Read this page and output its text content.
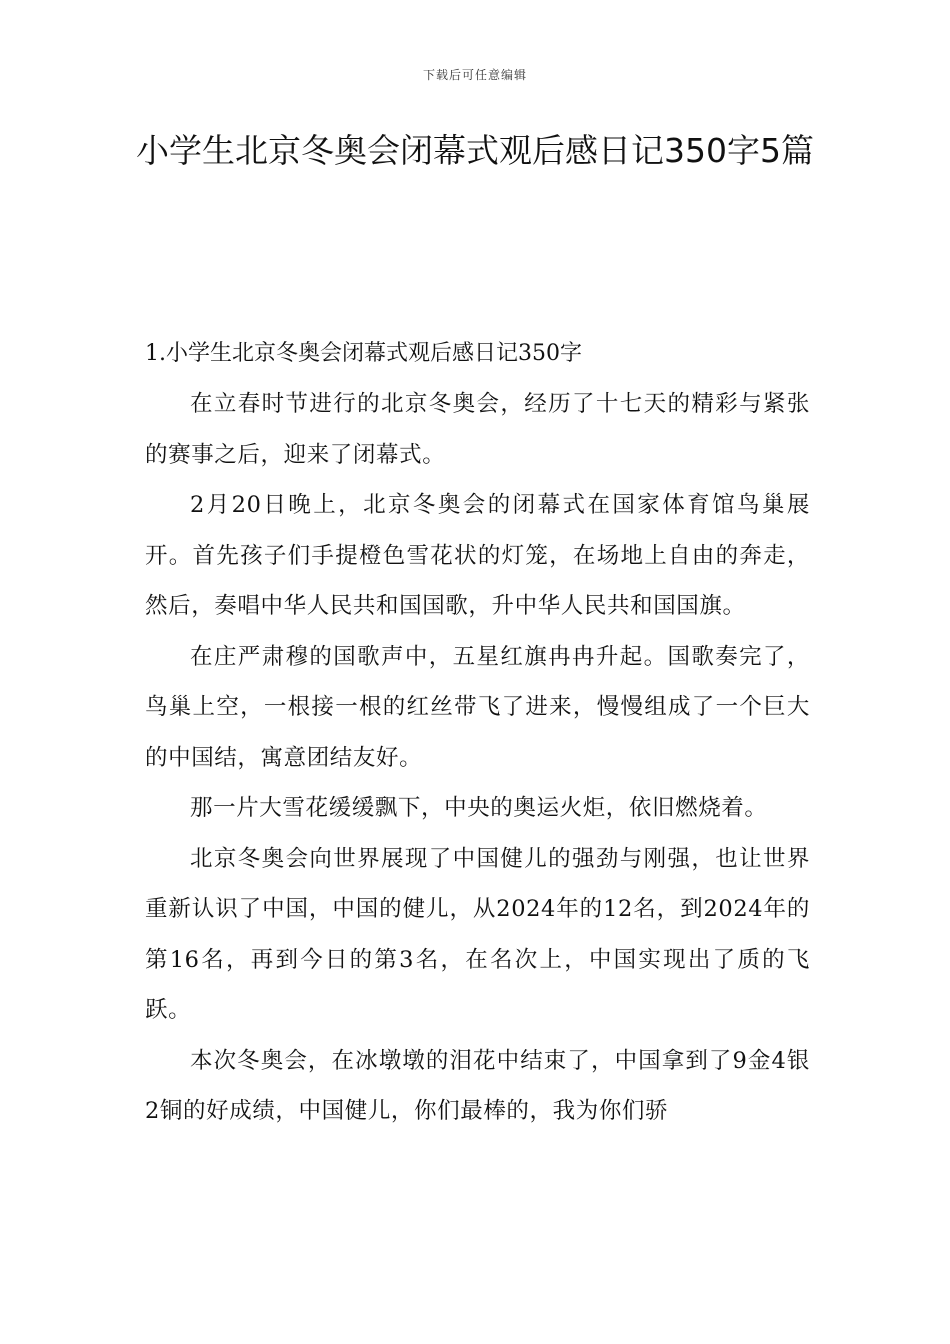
下载后可任意编辑
小学生北京冬奥会闭幕式观后感日记350字5篇

1.小学生北京冬奥会闭幕式观后感日记350字

在立春时节进行的北京冬奥会，经历了十七天的精彩与紧张的赛事之后，迎来了闭幕式。

2月20日晚上，北京冬奥会的闭幕式在国家体育馆鸟巢展开。首先孩子们手提橙色雪花状的灯笼，在场地上自由的奔走，然后，奏唱中华人民共和国国歌，升中华人民共和国国旗。

在庄严肃穆的国歌声中，五星红旗冉冉升起。国歌奏完了，鸟巢上空，一根接一根的红丝带飞了进来，慢慢组成了一个巨大的中国结，寓意团结友好。

那一片大雪花缓缓飘下，中央的奥运火炬，依旧燃烧着。

北京冬奥会向世界展现了中国健儿的强劲与刚强，也让世界重新认识了中国，中国的健儿，从2024年的12名，到2024年的第16名，再到今日的第3名，在名次上，中国实现出了质的飞跃。

本次冬奥会，在冰墩墩的泪花中结束了，中国拿到了9金4银2铜的好成绩，中国健儿，你们最棒的，我为你们骄
